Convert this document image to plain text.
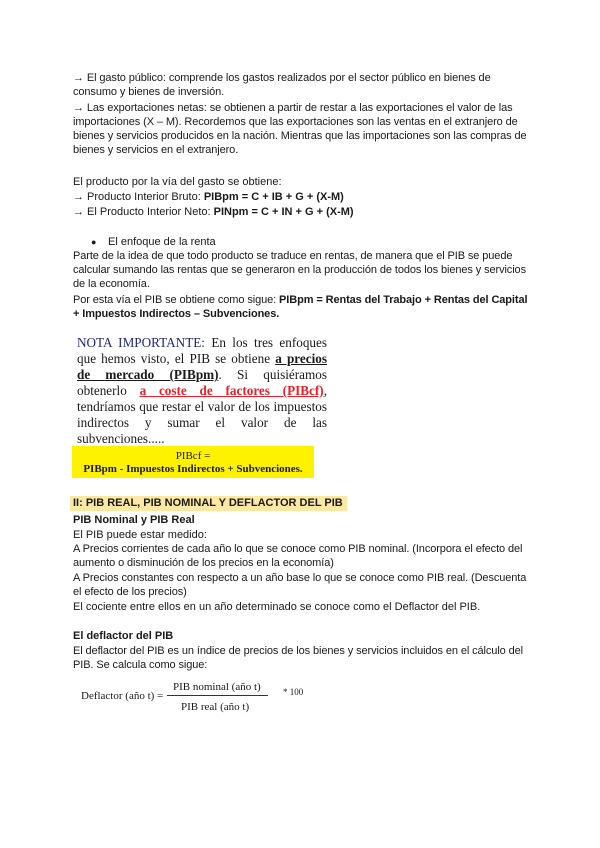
→ El gasto público: comprende los gastos realizados por el sector público en bienes de consumo y bienes de inversión.
→ Las exportaciones netas: se obtienen a partir de restar a las exportaciones el valor de las importaciones (X – M). Recordemos que las exportaciones son las ventas en el extranjero de bienes y servicios producidos en la nación. Mientras que las importaciones son las compras de bienes y servicios en el extranjero.
El producto por la vía del gasto se obtiene:
→ Producto Interior Bruto: PIBpm = C + IB + G + (X-M)
→ El Producto Interior Neto: PINpm = C + IN + G + (X-M)
● El enfoque de la renta
Parte de la idea de que todo producto se traduce en rentas, de manera que el PIB se puede calcular sumando las rentas que se generaron en la producción de todos los bienes y servicios de la economía.
Por esta vía el PIB se obtiene como sigue: PIBpm = Rentas del Trabajo + Rentas del Capital + Impuestos Indirectos – Subvenciones.
NOTA IMPORTANTE: En los tres enfoques que hemos visto, el PIB se obtiene a precios de mercado (PIBpm). Si quisiéramos obtenerlo a coste de factores (PIBcf), tendríamos que restar el valor de los impuestos indirectos y sumar el valor de las subvenciones.....
PIBcf =
PIBpm - Impuestos Indirectos + Subvenciones.
II: PIB REAL, PIB NOMINAL Y DEFLACTOR DEL PIB
PIB Nominal y PIB Real
El PIB puede estar medido:
A Precios corrientes de cada año lo que se conoce como PIB nominal. (Incorpora el efecto del aumento o disminución de los precios en la economía)
A Precios constantes con respecto a un año base lo que se conoce como PIB real. (Descuenta el efecto de los precios)
El cociente entre ellos en un año determinado se conoce como el Deflactor del PIB.
El deflactor del PIB
El deflactor del PIB es un índice de precios de los bienes y servicios incluidos en el cálculo del PIB. Se calcula como sigue:
Deflactor (año t) =
PIB nominal (año t)
PIB real (año t)
* 100
